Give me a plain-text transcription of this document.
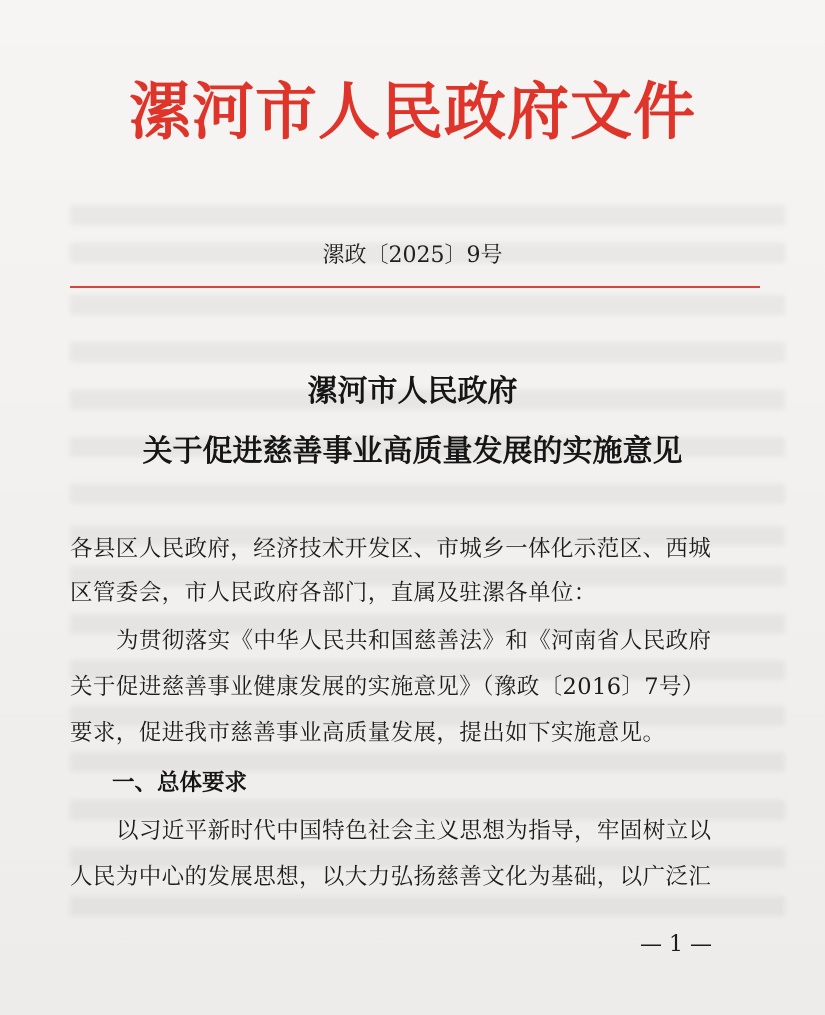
漯河市人民政府文件
漯政〔2025〕9号
漯河市人民政府
关于促进慈善事业高质量发展的实施意见
各县区人民政府，经济技术开发区、市城乡一体化示范区、西城
区管委会，市人民政府各部门，直属及驻漯各单位：
为贯彻落实《中华人民共和国慈善法》和《河南省人民政府
关于促进慈善事业健康发展的实施意见》（豫政〔2016〕7号）
要求，促进我市慈善事业高质量发展，提出如下实施意见。
一、总体要求
以习近平新时代中国特色社会主义思想为指导，牢固树立以
人民为中心的发展思想，以大力弘扬慈善文化为基础，以广泛汇
— 1 —
